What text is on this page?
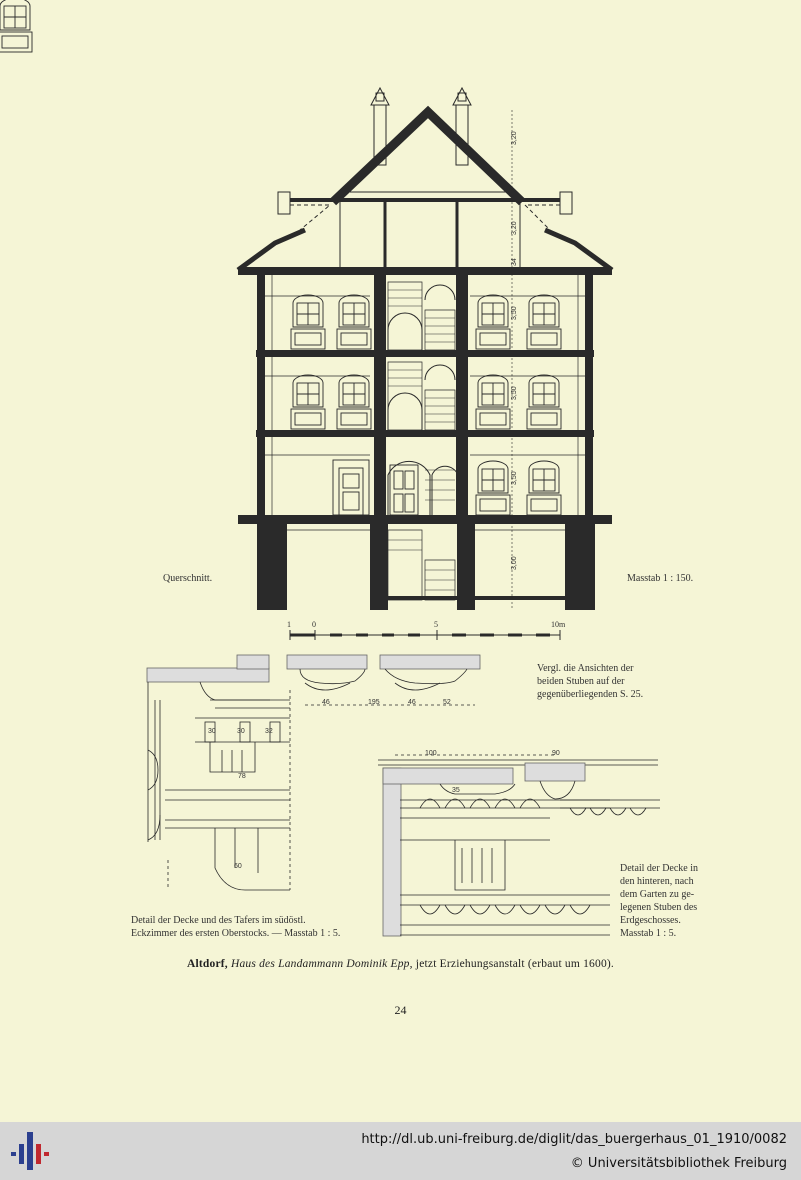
3,20
3,20
3,50
3,50
3,50
3,00
34
46	195	46	52
30	30	32
78
60
100	90
35
1	0	5	10m
Querschnitt.	Masstab 1 : 150.
Vergl. die Ansichten der
beiden Stuben auf der
gegenüberliegenden S. 25.
Detail der Decke und des Tafers im südöstl.
Eckzimmer des ersten Oberstocks. — Masstab 1 : 5.
Detail der Decke in
den hinteren, nach
dem Garten zu ge-
legenen Stuben des
Erdgeschosses.
Masstab 1 : 5.
Altdorf, Haus des Landammann Dominik Epp, jetzt Erziehungsanstalt (erbaut um 1600).
24
http://dl.ub.uni-freiburg.de/diglit/das_buergerhaus_01_1910/0082
© Universitätsbibliothek Freiburg
